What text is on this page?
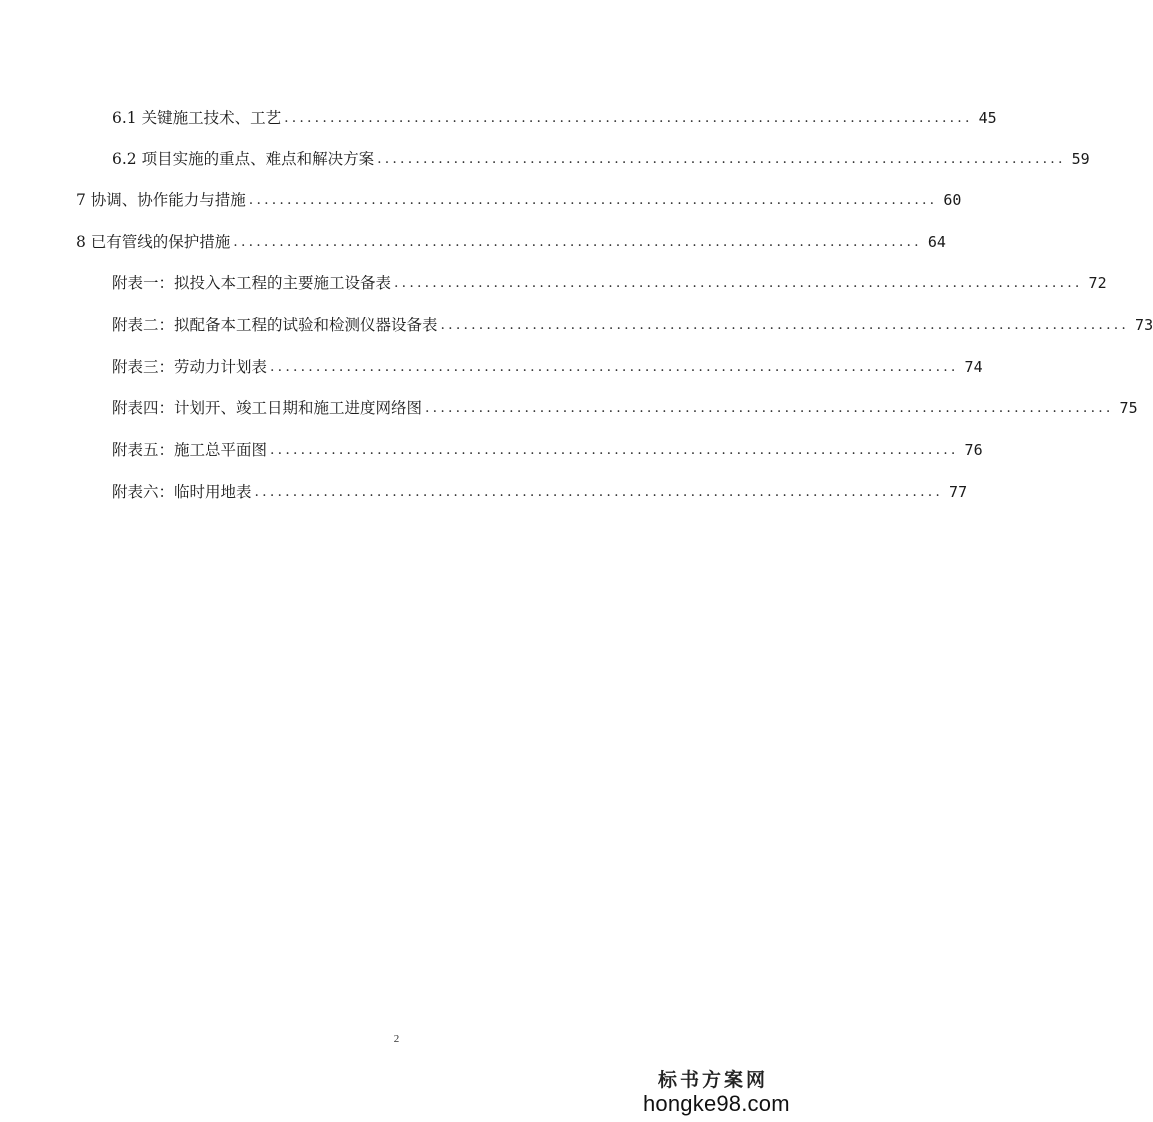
6.1 关键施工技术、工艺 .......................................................................................... 45
6.2 项目实施的重点、难点和解决方案 .......................................................................................... 59
7 协调、协作能力与措施 .......................................................................................... 60
8 已有管线的保护措施 .......................................................................................... 64
附表一：拟投入本工程的主要施工设备表 .......................................................................................... 72
附表二：拟配备本工程的试验和检测仪器设备表 .......................................................................................... 73
附表三：劳动力计划表 .......................................................................................... 74
附表四：计划开、竣工日期和施工进度网络图 .......................................................................................... 75
附表五：施工总平面图 .......................................................................................... 76
附表六：临时用地表 .......................................................................................... 77
2
标书方案网
hongke98.com
